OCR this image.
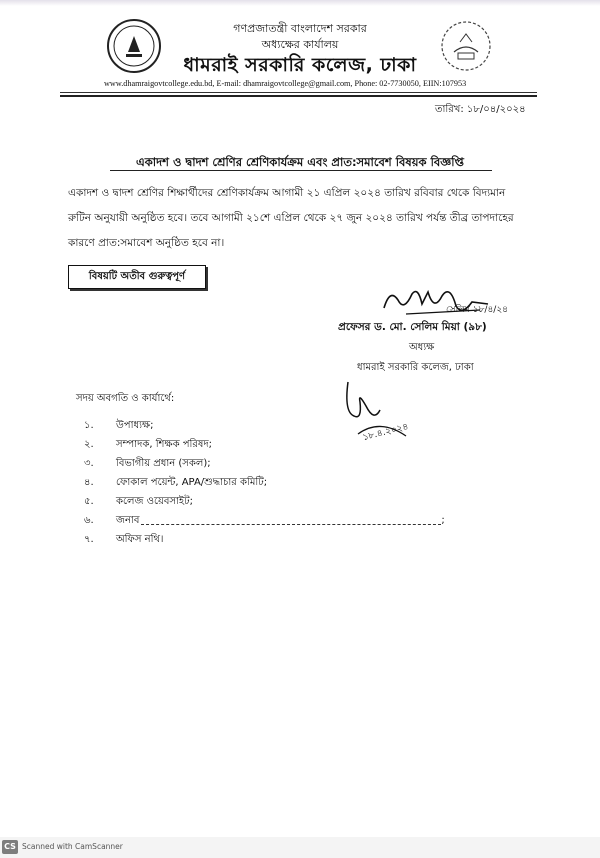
গণপ্রজাতন্ত্রী বাংলাদেশ সরকার
অধ্যক্ষের কার্যালয়
ধামরাই সরকারি কলেজ, ঢাকা
www.dhamraigovtcollege.edu.bd, E-mail: dhamraigovtcollege@gmail.com, Phone: 02-7730050, EIIN:107953
তারিখ: ১৮/০৪/২০২৪
একাদশ ও দ্বাদশ শ্রেণির শ্রেণিকার্যক্রম এবং প্রাত:সমাবেশ বিষয়ক বিজ্ঞপ্তি
একাদশ ও দ্বাদশ শ্রেণির শিক্ষার্থীদের শ্রেণিকার্যক্রম আগামী ২১ এপ্রিল ২০২৪ তারিখ রবিবার থেকে বিদ্যমান
রুটিন অনুযায়ী অনুষ্ঠিত হবে। তবে আগামী ২১শে এপ্রিল থেকে ২৭ জুন ২০২৪ তারিখ পর্যন্ত তীব্র তাপদাহের
কারণে প্রাত:সমাবেশ অনুষ্ঠিত হবে না।
বিষয়টি অতীব গুরুত্বপূর্ণ
সেলিম ১৮/৪/২৪
প্রফেসর ড. মো. সেলিম মিয়া (৯৮)
অধ্যক্ষ
ধামরাই সরকারি কলেজ, ঢাকা
১৮.৪.২০২৪
সদয় অবগতি ও কার্যার্থে:
১. উপাধ্যক্ষ;
২. সম্পাদক, শিক্ষক পরিষদ;
৩. বিভাগীয় প্রধান (সকল);
৪. ফোকাল পয়েন্ট, APA/শুদ্ধাচার কমিটি;
৫. কলেজ ওয়েবসাইট;
৬. জনাব	;
৭. অফিস নথি।
CS Scanned with CamScanner
